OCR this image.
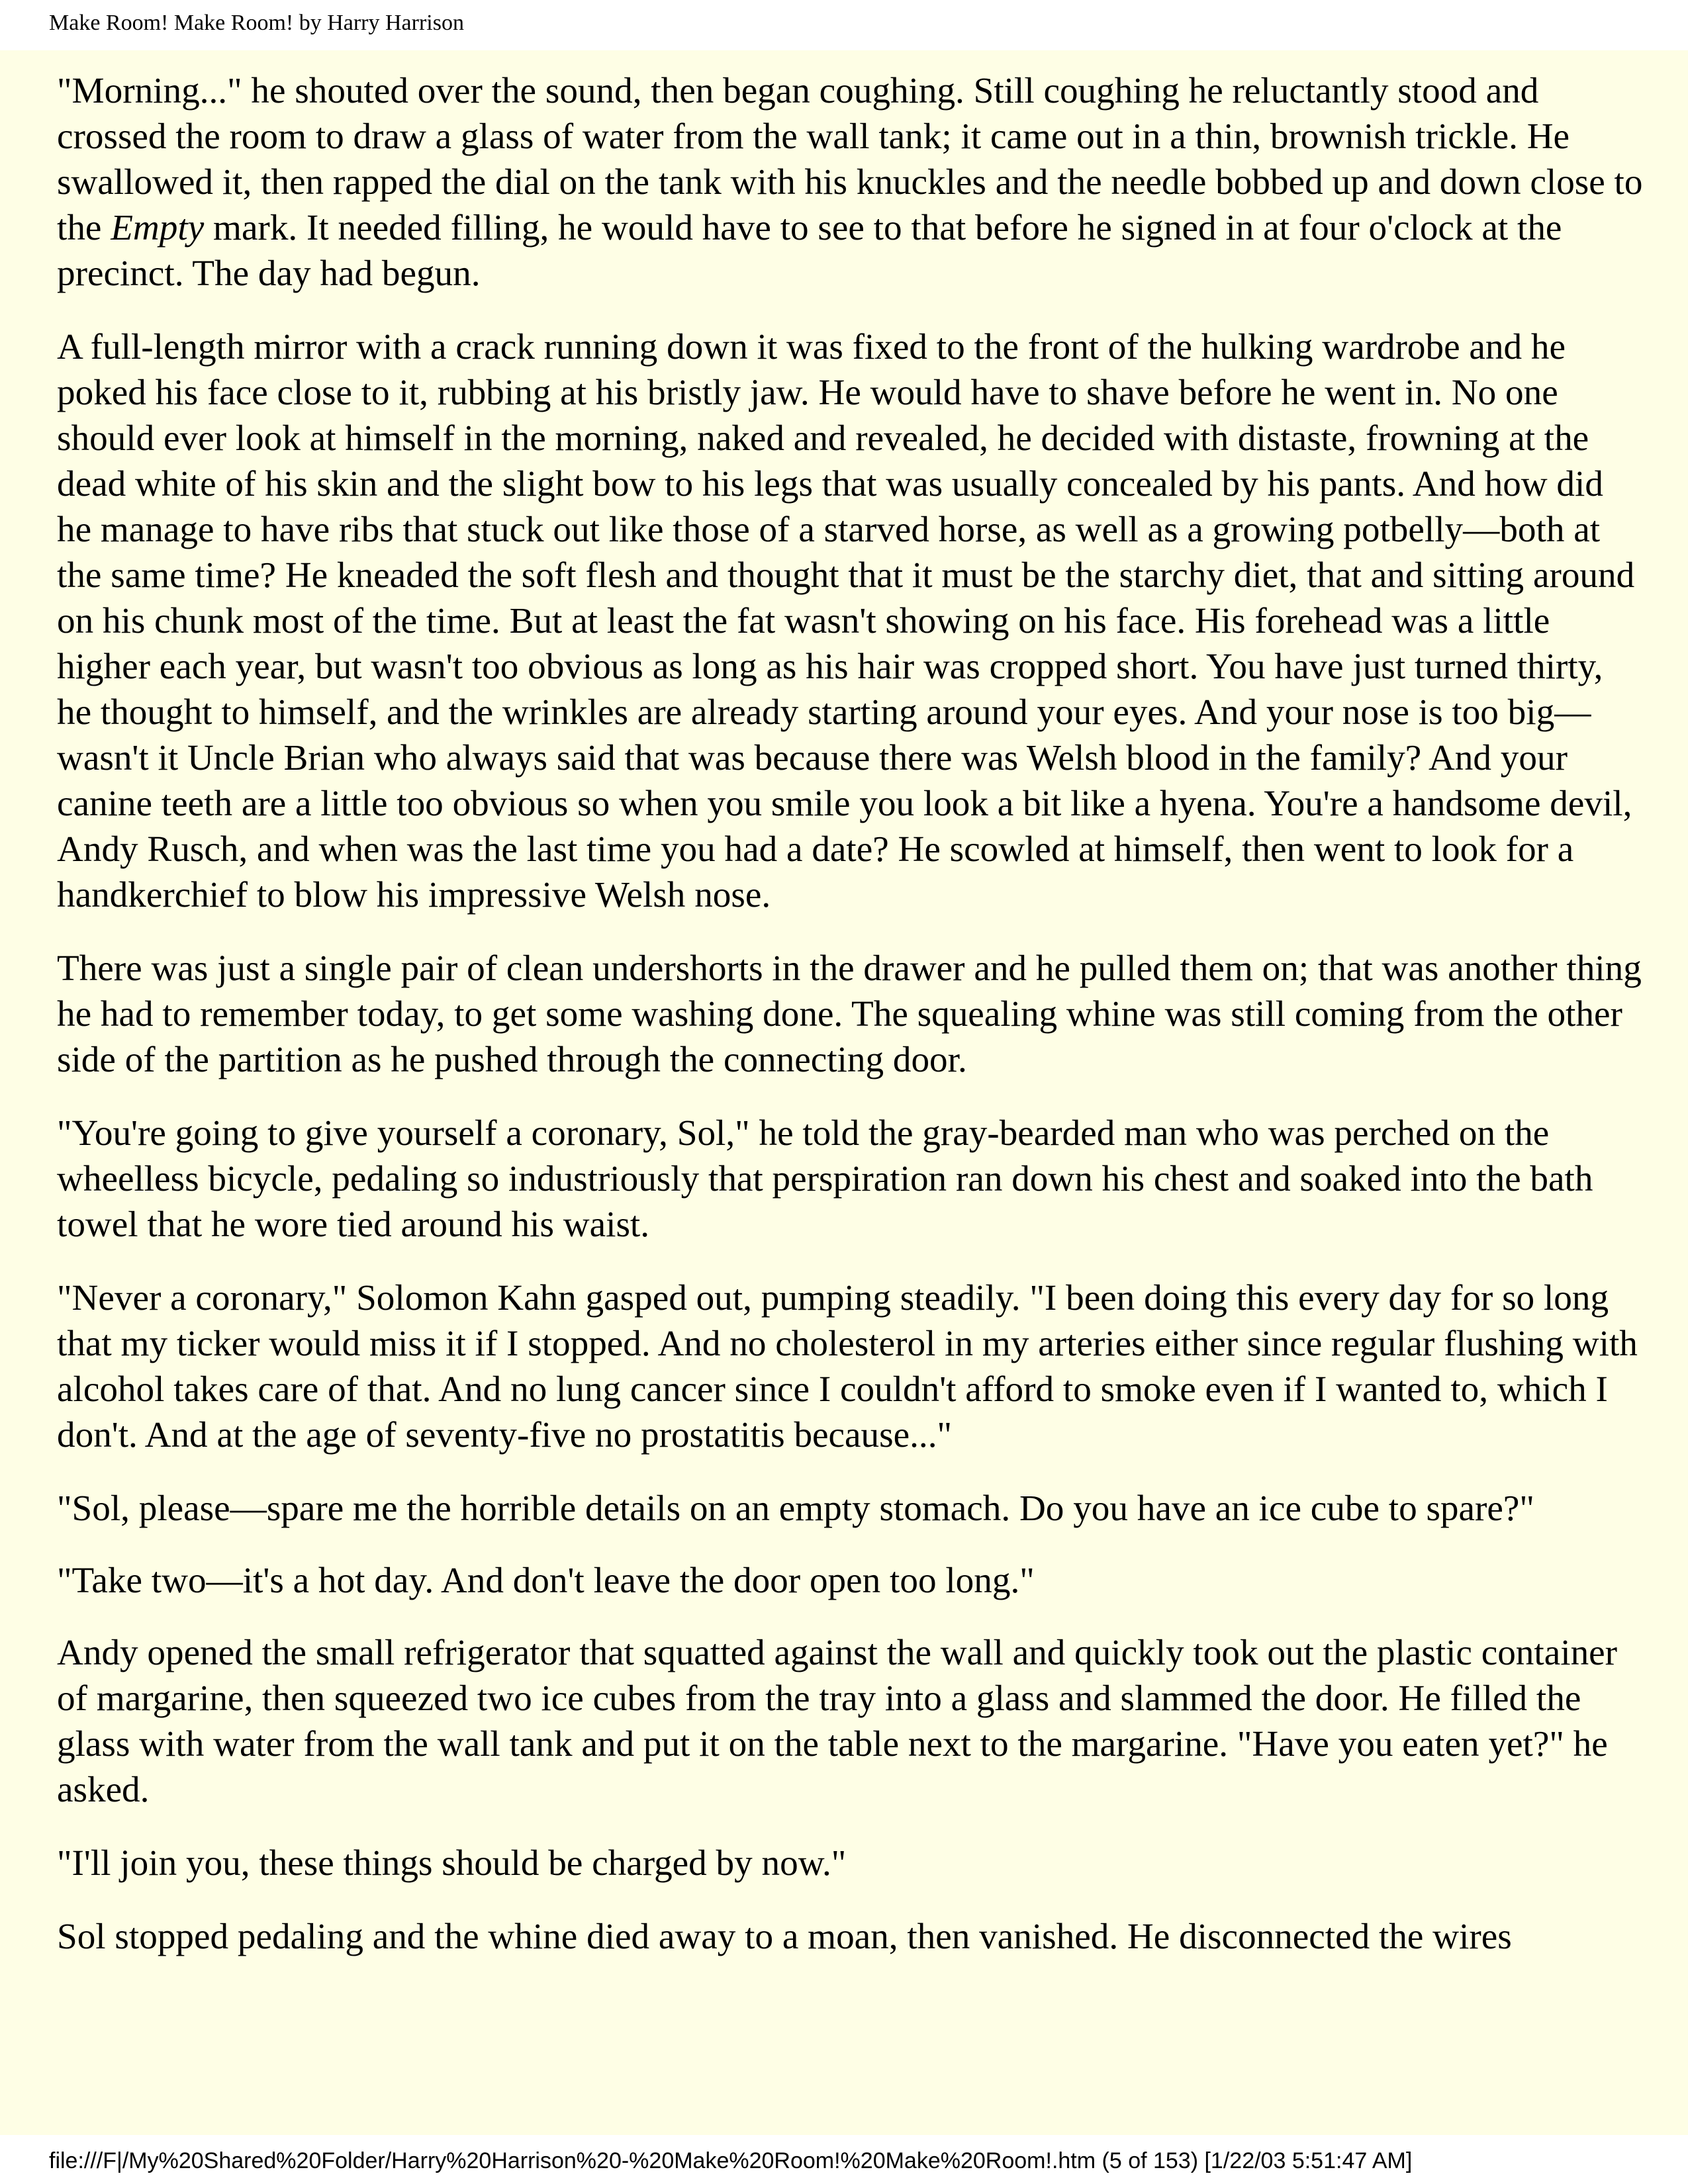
Make Room! Make Room! by Harry Harrison

"Morning..." he shouted over the sound, then began coughing. Still coughing he reluctantly stood and crossed the room to draw a glass of water from the wall tank; it came out in a thin, brownish trickle. He swallowed it, then rapped the dial on the tank with his knuckles and the needle bobbed up and down close to the Empty mark. It needed filling, he would have to see to that before he signed in at four o'clock at the precinct. The day had begun.

A full-length mirror with a crack running down it was fixed to the front of the hulking wardrobe and he poked his face close to it, rubbing at his bristly jaw. He would have to shave before he went in. No one should ever look at himself in the morning, naked and revealed, he decided with distaste, frowning at the dead white of his skin and the slight bow to his legs that was usually concealed by his pants. And how did he manage to have ribs that stuck out like those of a starved horse, as well as a growing potbelly—both at the same time? He kneaded the soft flesh and thought that it must be the starchy diet, that and sitting around on his chunk most of the time. But at least the fat wasn't showing on his face. His forehead was a little higher each year, but wasn't too obvious as long as his hair was cropped short. You have just turned thirty, he thought to himself, and the wrinkles are already starting around your eyes. And your nose is too big—wasn't it Uncle Brian who always said that was because there was Welsh blood in the family? And your canine teeth are a little too obvious so when you smile you look a bit like a hyena. You're a handsome devil, Andy Rusch, and when was the last time you had a date? He scowled at himself, then went to look for a handkerchief to blow his impressive Welsh nose.

There was just a single pair of clean undershorts in the drawer and he pulled them on; that was another thing he had to remember today, to get some washing done. The squealing whine was still coming from the other side of the partition as he pushed through the connecting door.

"You're going to give yourself a coronary, Sol," he told the gray-bearded man who was perched on the wheelless bicycle, pedaling so industriously that perspiration ran down his chest and soaked into the bath towel that he wore tied around his waist.

"Never a coronary," Solomon Kahn gasped out, pumping steadily. "I been doing this every day for so long that my ticker would miss it if I stopped. And no cholesterol in my arteries either since regular flushing with alcohol takes care of that. And no lung cancer since I couldn't afford to smoke even if I wanted to, which I don't. And at the age of seventy-five no prostatitis because..."

"Sol, please—spare me the horrible details on an empty stomach. Do you have an ice cube to spare?"

"Take two—it's a hot day. And don't leave the door open too long."

Andy opened the small refrigerator that squatted against the wall and quickly took out the plastic container of margarine, then squeezed two ice cubes from the tray into a glass and slammed the door. He filled the glass with water from the wall tank and put it on the table next to the margarine. "Have you eaten yet?" he asked.

"I'll join you, these things should be charged by now."

Sol stopped pedaling and the whine died away to a moan, then vanished. He disconnected the wires

file:///F|/My%20Shared%20Folder/Harry%20Harrison%20-%20Make%20Room!%20Make%20Room!.htm (5 of 153) [1/22/03 5:51:47 AM]
